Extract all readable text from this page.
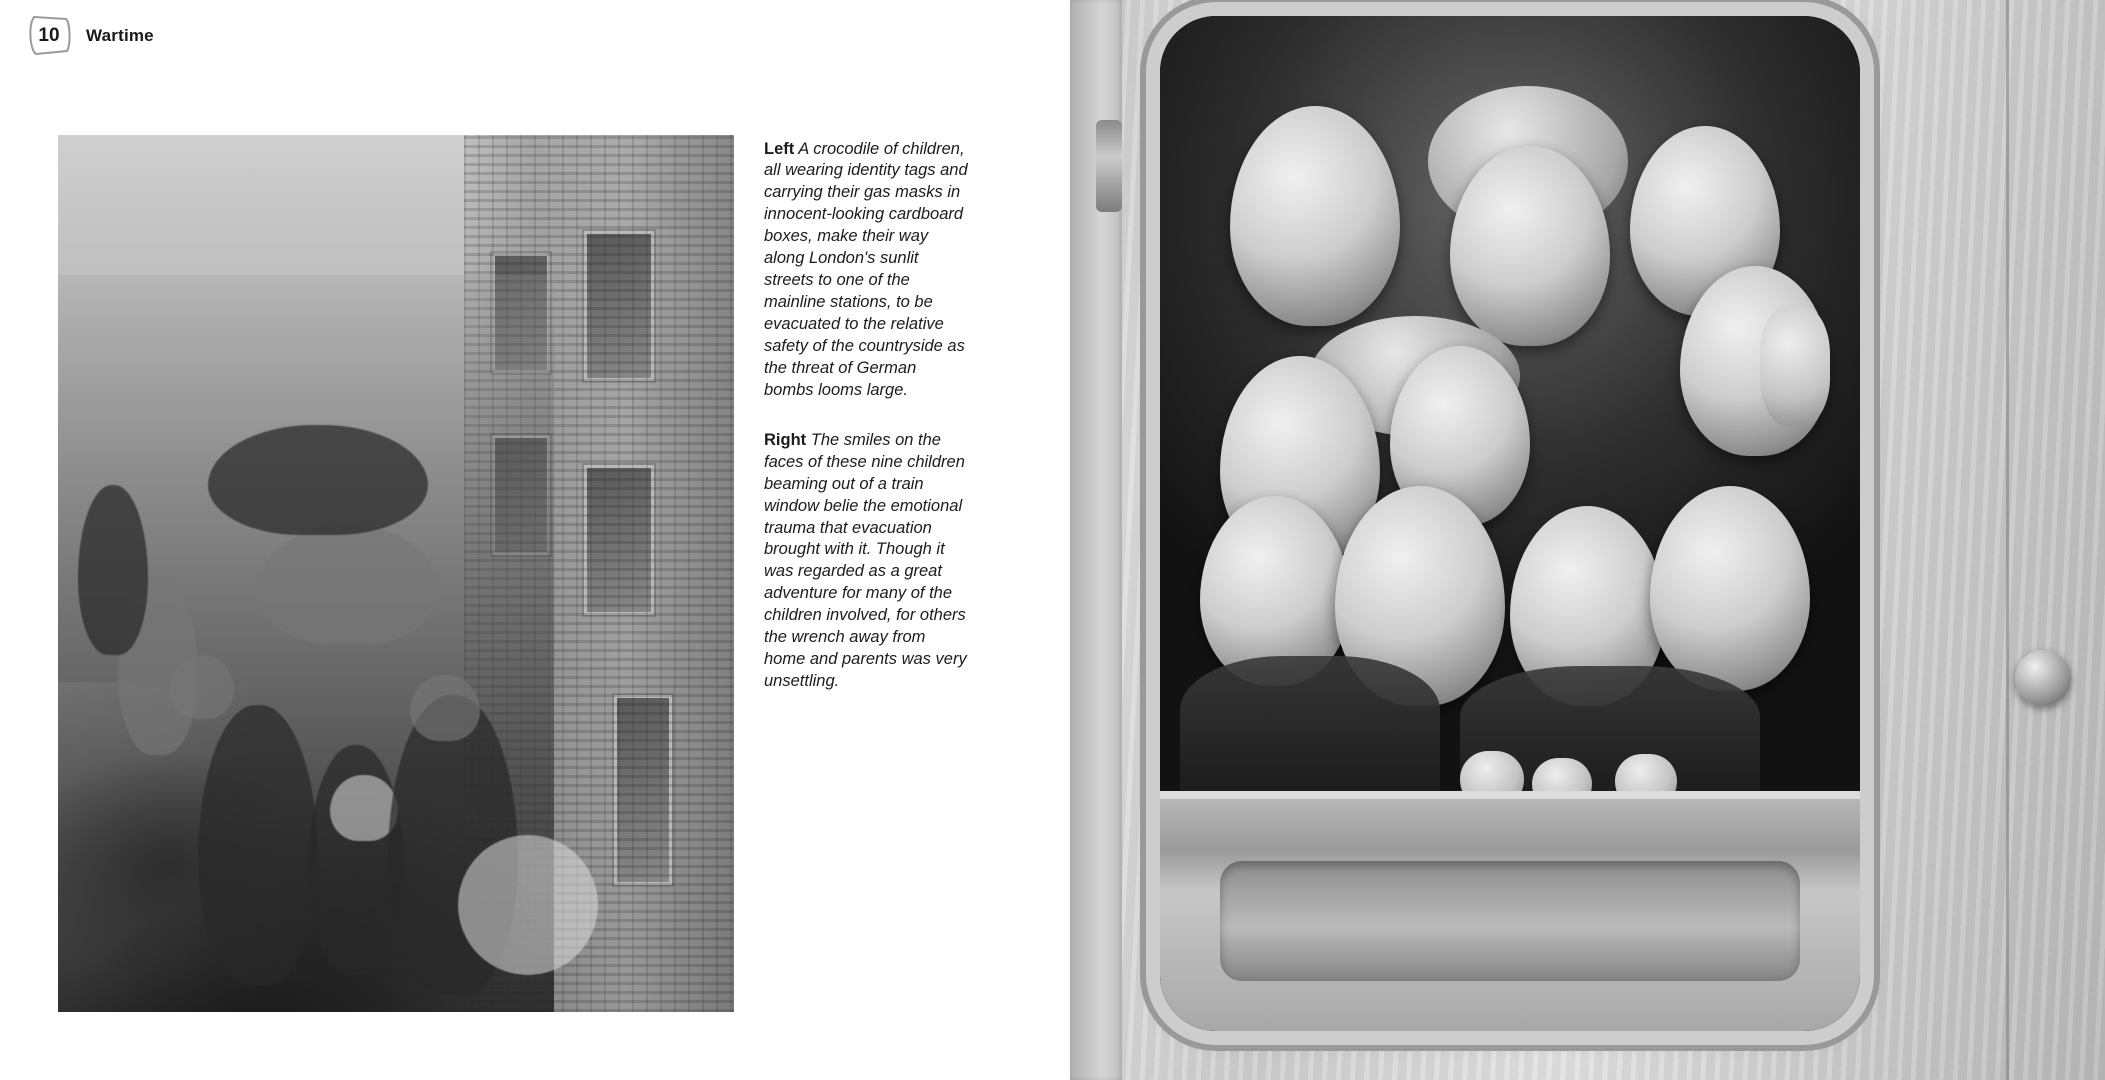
10 Wartime

Left A crocodile of children, all wearing identity tags and carrying their gas masks in innocent-looking cardboard boxes, make their way along London's sunlit streets to one of the mainline stations, to be evacuated to the relative safety of the countryside as the threat of German bombs looms large.

Right The smiles on the faces of these nine children beaming out of a train window belie the emotional trauma that evacuation brought with it. Though it was regarded as a great adventure for many of the children involved, for others the wrench away from home and parents was very unsettling.
